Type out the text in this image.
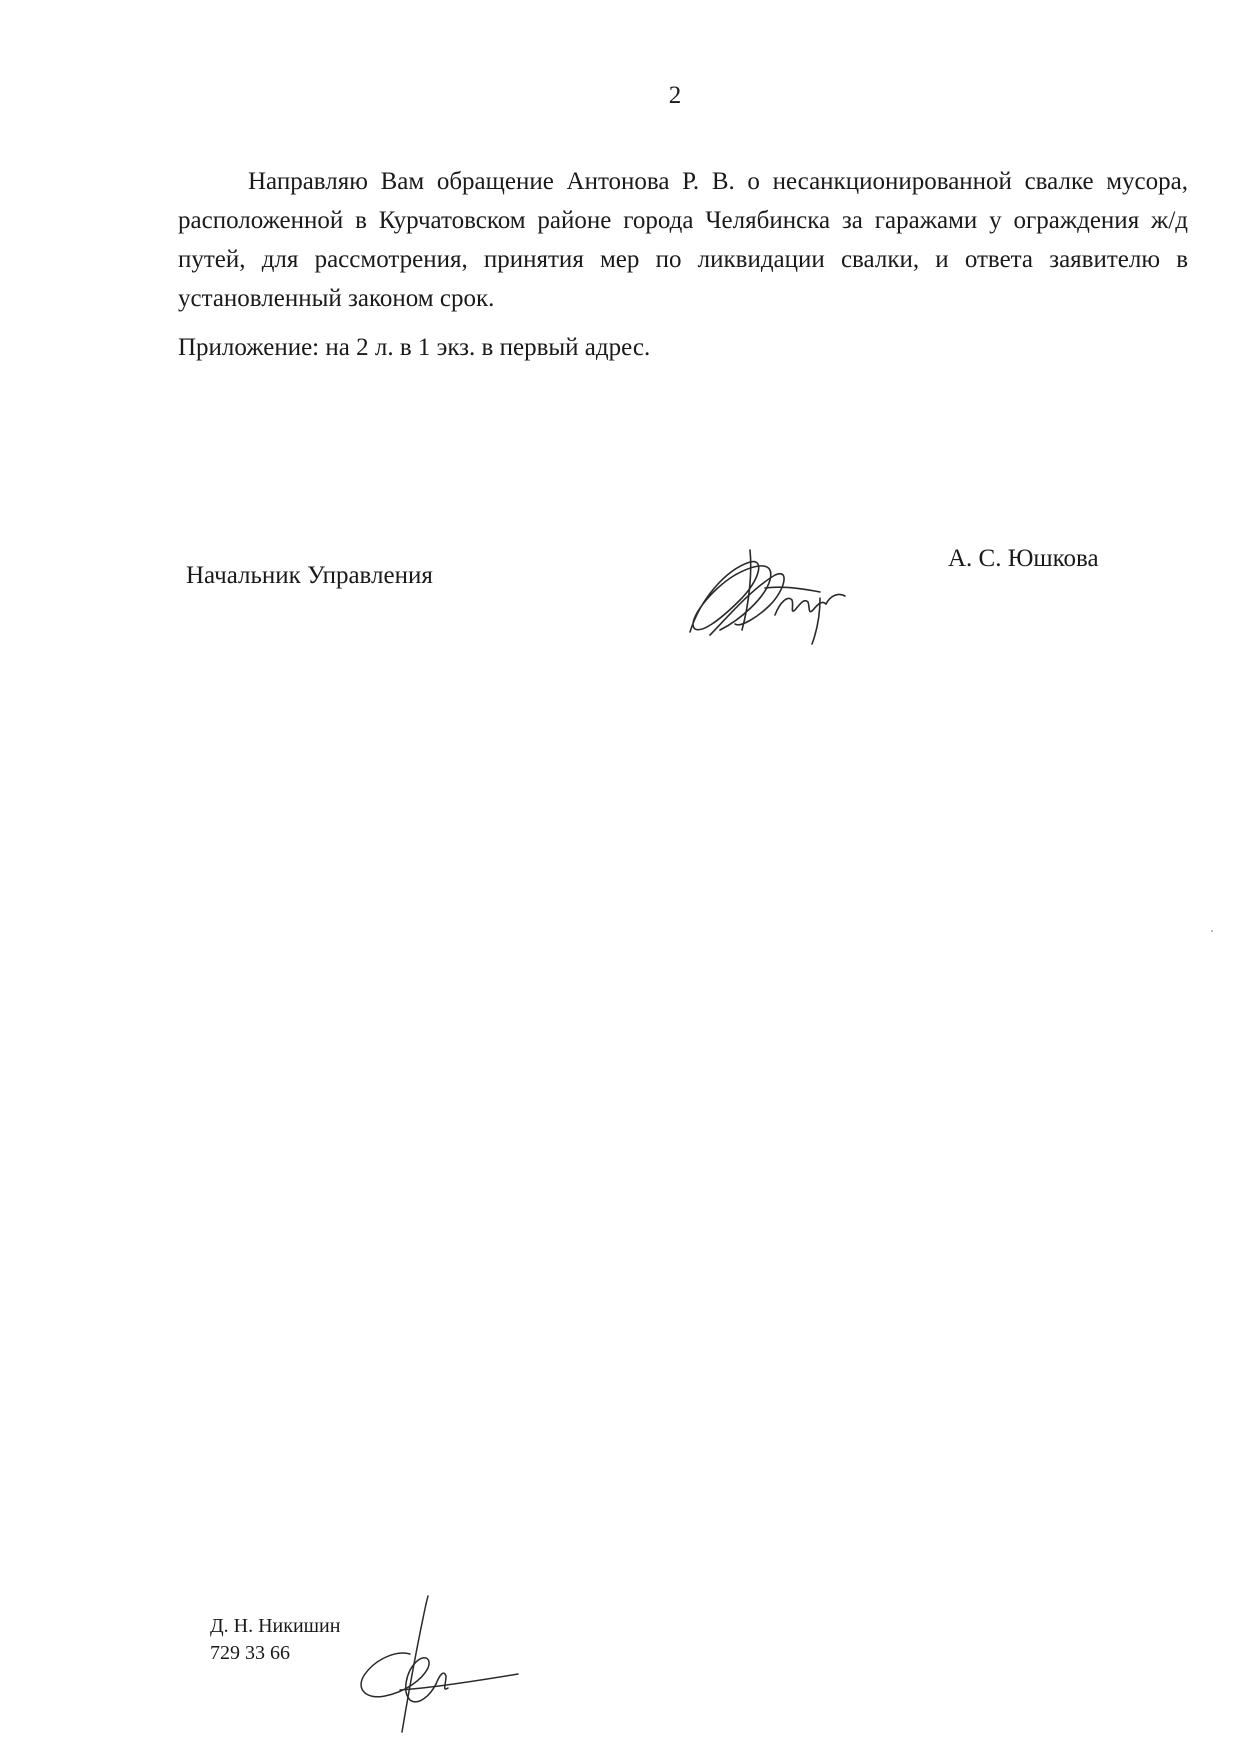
2

Направляю Вам обращение Антонова Р. В. о несанкционированной свалке мусора, расположенной в Курчатовском районе города Челябинска за гаражами у ограждения ж/д путей, для рассмотрения, принятия мер по ликвидации свалки, и ответа заявителю в установленный законом срок.

Приложение: на 2 л. в 1 экз. в первый адрес.

Начальник Управления
А. С. Юшкова
Д. Н. Никишин
729 33 66
